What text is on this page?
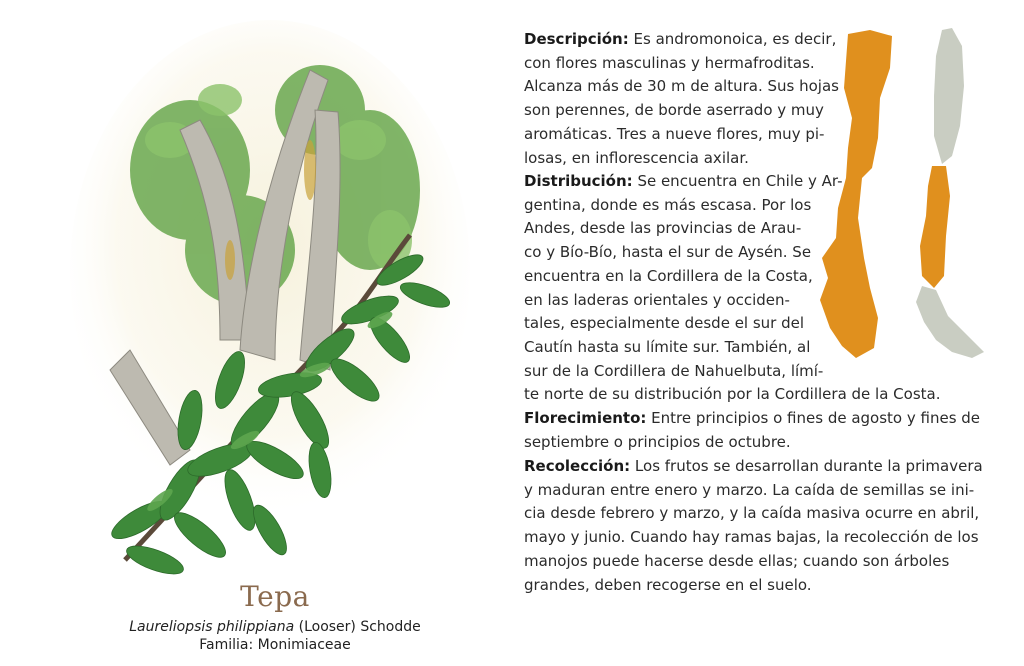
Tepa
Laureliopsis philippiana (Looser) Schodde
Familia: Monimiaceae
Descripción: Es andromonoica, es decir,
con flores masculinas y hermafroditas.
Alcanza más de 30 m de altura. Sus hojas
son perennes, de borde aserrado y muy
aromáticas. Tres a nueve flores, muy pi-
losas, en inflorescencia axilar.
Distribución: Se encuentra en Chile y Ar-
gentina, donde es más escasa. Por los
Andes, desde las provincias de Arau-
co y Bío-Bío, hasta el sur de Aysén. Se
encuentra en la Cordillera de la Costa,
en las laderas orientales y occiden-
tales, especialmente desde el sur del
Cautín hasta su límite sur. También, al
sur de la Cordillera de Nahuelbuta, límí-
te norte de su distribución por la Cordillera de la Costa.
Florecimiento: Entre principios o fines de agosto y fines de
septiembre o principios de octubre.
Recolección: Los frutos se desarrollan durante la primavera
y maduran entre enero y marzo. La caída de semillas se ini-
cia desde febrero y marzo, y la caída masiva ocurre en abril,
mayo y junio. Cuando hay ramas bajas, la recolección de los
manojos puede hacerse desde ellas; cuando son árboles
grandes, deben recogerse en el suelo.
